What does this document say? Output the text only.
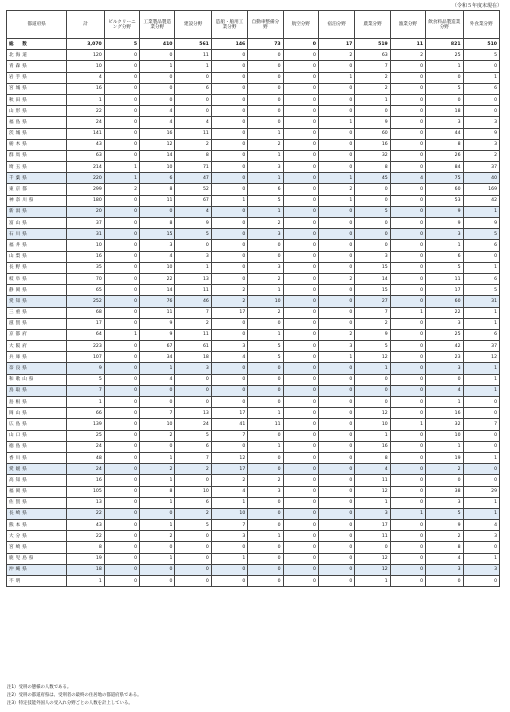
（令和５年度末現在）
都道府県	計	ビルクリーニング分野	工業製品製造業分野	建設分野	造船・舶用工業分野	自動車整備分野	航空分野	宿泊分野	農業分野	漁業分野	飲食料品製造業分野	外食業分野
総　数	3,070	5	410	561	146	73	0	17	519	11	821	510
北海道	120	0	0	11	0	0	0	2	63	2	25	5
青森県	10	0	1	1	0	0	0	0	7	0	1	0
岩手県	4	0	0	0	0	0	0	1	2	0	0	1
宮城県	16	0	0	6	0	0	0	0	2	0	5	6
秋田県	1	0	0	0	0	0	0	0	1	0	0	0
山形県	22	0	4	0	0	0	0	0	0	0	18	0
福島県	24	0	4	4	0	0	0	1	9	0	3	3
茨城県	141	0	16	11	0	1	0	0	60	0	44	9
栃木県	43	0	12	2	0	2	0	0	16	0	8	3
群馬県	63	0	14	8	0	1	0	0	32	0	26	2
埼玉県	214	1	10	71	0	3	0	0	8	0	84	37
千葉県	220	1	6	47	0	1	0	1	45	4	75	40
東京都	299	2	8	52	0	6	0	2	0	0	60	169
神奈川県	180	0	11	67	1	5	0	1	0	0	53	42
新潟県	20	0	0	4	0	1	0	0	5	0	9	1
富山県	37	0	8	9	0	2	0	0	0	0	9	9
石川県	31	0	15	5	0	3	0	0	0	0	3	5
福井県	10	0	3	0	0	0	0	0	0	0	1	6
山梨県	16	0	4	3	0	0	0	0	3	0	6	0
長野県	35	0	10	1	0	3	0	0	15	0	5	1
岐阜県	70	0	22	13	0	2	0	2	14	0	11	6
静岡県	65	0	14	11	2	1	0	0	15	0	17	5
愛知県	252	0	76	46	2	10	0	0	27	0	60	31
三重県	68	0	11	7	17	2	0	0	7	1	22	1
滋賀県	17	0	9	2	0	0	0	0	2	0	3	1
京都府	64	1	9	11	0	1	0	2	9	0	25	6
大阪府	223	0	67	61	3	5	0	3	5	0	42	37
兵庫県	107	0	34	18	4	5	0	1	12	0	23	12
奈良県	9	0	1	3	0	0	0	0	1	0	3	1
和歌山県	5	0	4	0	0	0	0	0	0	0	0	1
鳥取県	7	0	0	0	0	0	0	0	0	0	4	1
島根県	1	0	0	0	0	0	0	0	0	0	1	0
岡山県	66	0	7	13	17	1	0	0	12	0	16	0
広島県	139	0	10	24	41	11	0	0	10	1	32	7
山口県	25	0	2	5	7	0	0	0	1	0	10	0
徳島県	24	0	0	6	0	1	0	0	16	0	1	0
香川県	48	0	1	7	12	0	0	0	8	0	19	1
愛媛県	24	0	2	2	17	0	0	0	4	0	2	0
高知県	16	0	1	0	2	2	0	0	11	0	0	0
福岡県	105	0	8	10	4	3	0	0	12	0	38	29
佐賀県	13	0	1	6	1	0	0	0	1	0	3	1
長崎県	22	0	0	2	10	0	0	0	3	1	5	1
熊本県	43	0	1	5	7	0	0	0	17	0	9	4
大分県	22	0	2	0	3	1	0	0	11	0	2	3
宮崎県	8	0	0	0	0	0	0	0	0	0	8	0
鹿児島県	19	0	1	0	1	0	0	0	12	0	4	1
沖縄県	18	0	0	0	0	0	0	0	12	0	3	3
不明	1	0	0	0	0	0	0	0	1	0	0	0
注1）受刑の態様の人数である。
注2）受刑の都道府県は、受刑者の最終の住居地の都道府県である。
注3）特定技能外国人の受入れ分野ごとの人数を計上している。
